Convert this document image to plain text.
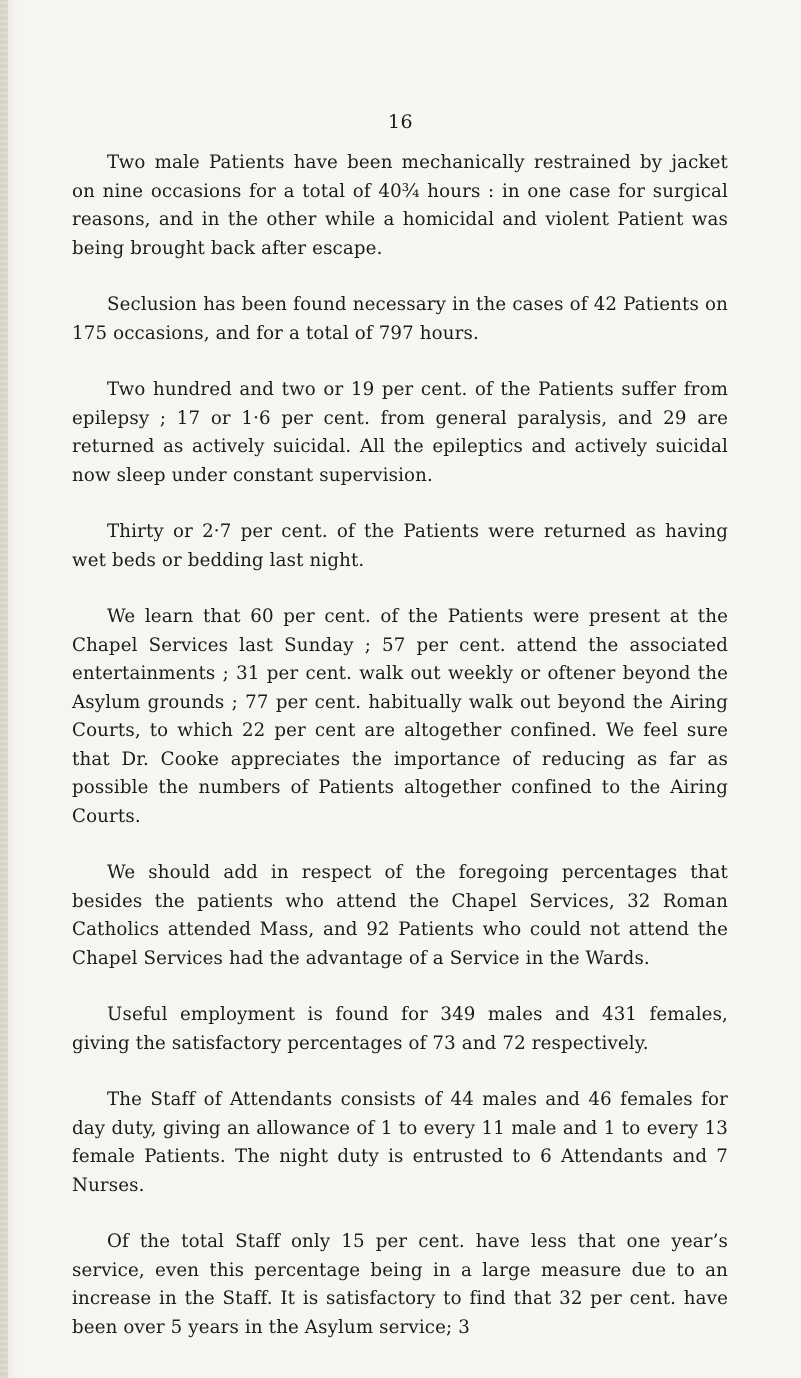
16

Two male Patients have been mechanically restrained by jacket on nine occasions for a total of 40¾ hours : in one case for surgical reasons, and in the other while a homicidal and violent Patient was being brought back after escape.

Seclusion has been found necessary in the cases of 42 Patients on 175 occasions, and for a total of 797 hours.

Two hundred and two or 19 per cent. of the Patients suffer from epilepsy ; 17 or 1·6 per cent. from general paralysis, and 29 are returned as actively suicidal. All the epileptics and actively suicidal now sleep under constant supervision.

Thirty or 2·7 per cent. of the Patients were returned as having wet beds or bedding last night.

We learn that 60 per cent. of the Patients were present at the Chapel Services last Sunday ; 57 per cent. attend the associated entertainments ; 31 per cent. walk out weekly or oftener beyond the Asylum grounds ; 77 per cent. habitually walk out beyond the Airing Courts, to which 22 per cent are altogether confined. We feel sure that Dr. Cooke appreciates the importance of reducing as far as possible the numbers of Patients altogether confined to the Airing Courts.

We should add in respect of the foregoing percentages that besides the patients who attend the Chapel Services, 32 Roman Catholics attended Mass, and 92 Patients who could not attend the Chapel Services had the advantage of a Service in the Wards.

Useful employment is found for 349 males and 431 females, giving the satisfactory percentages of 73 and 72 respectively.

The Staff of Attendants consists of 44 males and 46 females for day duty, giving an allowance of 1 to every 11 male and 1 to every 13 female Patients. The night duty is entrusted to 6 Attendants and 7 Nurses.

Of the total Staff only 15 per cent. have less that one year’s service, even this percentage being in a large measure due to an increase in the Staff. It is satisfactory to find that 32 per cent. have been over 5 years in the Asylum service; 3
